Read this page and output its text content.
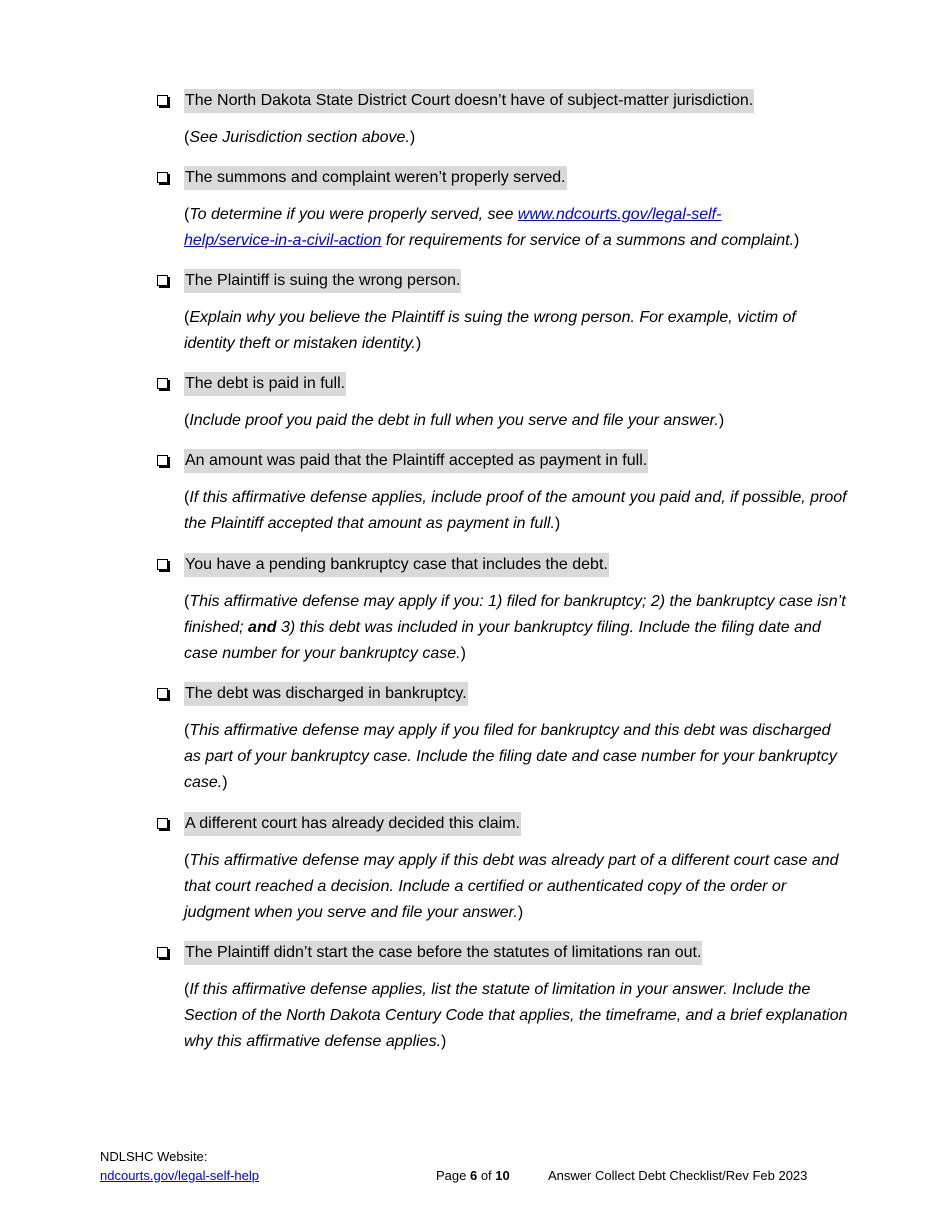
The North Dakota State District Court doesn’t have of subject-matter jurisdiction.
(See Jurisdiction section above.)
The summons and complaint weren’t properly served.
(To determine if you were properly served, see www.ndcourts.gov/legal-self-
help/service-in-a-civil-action for requirements for service of a summons and complaint.)
The Plaintiff is suing the wrong person.
(Explain why you believe the Plaintiff is suing the wrong person. For example, victim of identity theft or mistaken identity.)
The debt is paid in full.
(Include proof you paid the debt in full when you serve and file your answer.)
An amount was paid that the Plaintiff accepted as payment in full.
(If this affirmative defense applies, include proof of the amount you paid and, if possible, proof the Plaintiff accepted that amount as payment in full.)
You have a pending bankruptcy case that includes the debt.
(This affirmative defense may apply if you: 1) filed for bankruptcy; 2) the bankruptcy case isn’t finished; and 3) this debt was included in your bankruptcy filing. Include the filing date and case number for your bankruptcy case.)
The debt was discharged in bankruptcy.
(This affirmative defense may apply if you filed for bankruptcy and this debt was discharged as part of your bankruptcy case. Include the filing date and case number for your bankruptcy case.)
A different court has already decided this claim.
(This affirmative defense may apply if this debt was already part of a different court case and that court reached a decision. Include a certified or authenticated copy of the order or judgment when you serve and file your answer.)
The Plaintiff didn’t start the case before the statutes of limitations ran out.
(If this affirmative defense applies, list the statute of limitation in your answer. Include the Section of the North Dakota Century Code that applies, the timeframe, and a brief explanation why this affirmative defense applies.)
NDLSHC Website:
ndcourts.gov/legal-self-help	Page 6 of 10	Answer Collect Debt Checklist/Rev Feb 2023
